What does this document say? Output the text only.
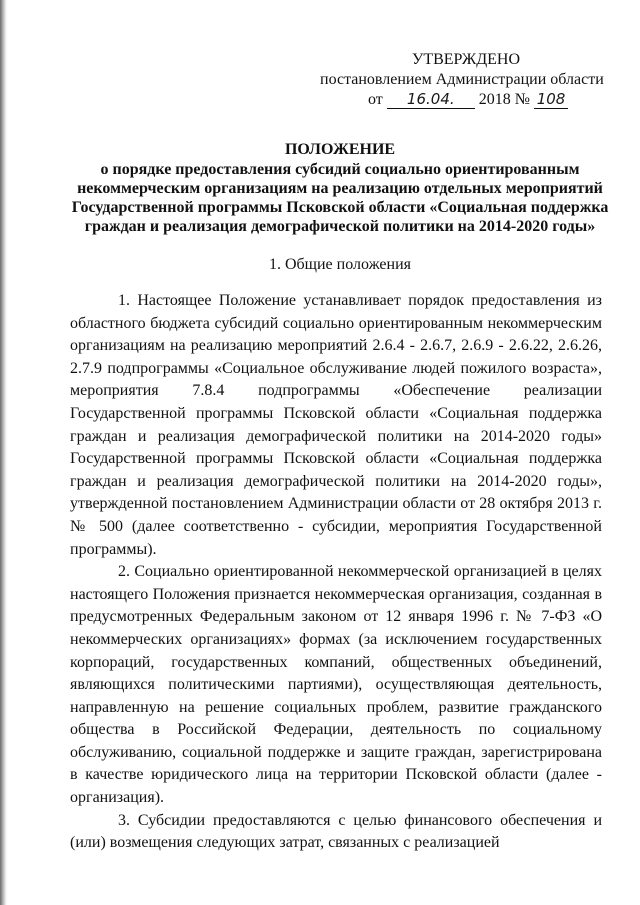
УТВЕРЖДЕНО
постановлением Администрации области
от 16.04. 2018 № 108
ПОЛОЖЕНИЕ
о порядке предоставления субсидий социально ориентированным
некоммерческим организациям на реализацию отдельных мероприятий
Государственной программы Псковской области «Социальная поддержка
граждан и реализация демографической политики на 2014-2020 годы»
1. Общие положения

1. Настоящее Положение устанавливает порядок предоставления из областного бюджета субсидий социально ориентированным некоммерческим организациям на реализацию мероприятий 2.6.4 - 2.6.7, 2.6.9 - 2.6.22, 2.6.26, 2.7.9 подпрограммы «Социальное обслуживание людей пожилого возраста», мероприятия 7.8.4 подпрограммы «Обеспечение реализации Государственной программы Псковской области «Социальная поддержка граждан и реализация демографической политики на 2014-2020 годы» Государственной программы Псковской области «Социальная поддержка граждан и реализация демографической политики на 2014-2020 годы», утвержденной постановлением Администрации области от 28 октября 2013 г. № 500 (далее соответственно - субсидии, мероприятия Государственной программы).

2. Социально ориентированной некоммерческой организацией в целях настоящего Положения признается некоммерческая организация, созданная в предусмотренных Федеральным законом от 12 января 1996 г. № 7-ФЗ «О некоммерческих организациях» формах (за исключением государственных корпораций, государственных компаний, общественных объединений, являющихся политическими партиями), осуществляющая деятельность, направленную на решение социальных проблем, развитие гражданского общества в Российской Федерации, деятельность по социальному обслуживанию, социальной поддержке и защите граждан, зарегистрирована в качестве юридического лица на территории Псковской области (далее - организация).

3. Субсидии предоставляются с целью финансового обеспечения и (или) возмещения следующих затрат, связанных с реализацией
